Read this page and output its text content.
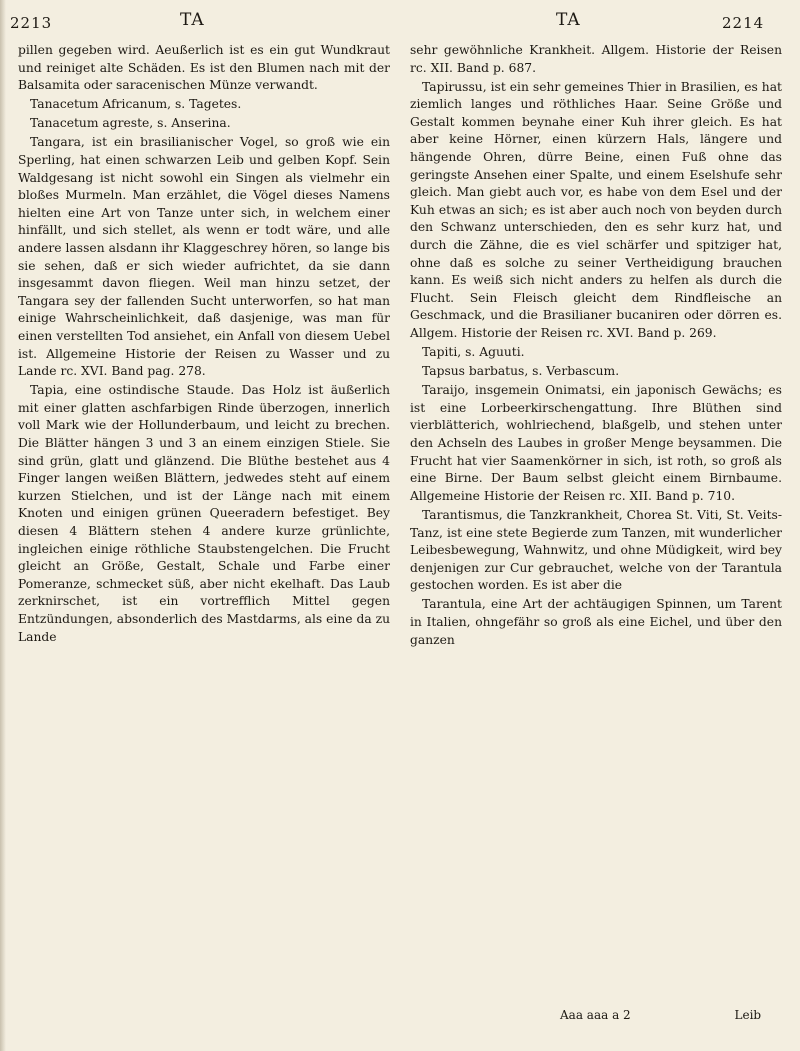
2213	TA	TA	2214

pillen gegeben wird. Aeußerlich ist es ein gut Wundkraut und reiniget alte Schäden. Es ist den Blumen nach mit der Balsamita oder saracenischen Münze verwandt.

Tanacetum Africanum, s. Tagetes.

Tanacetum agreste, s. Anserina.

Tangara, ist ein brasilianischer Vogel, so groß wie ein Sperling, hat einen schwarzen Leib und gelben Kopf. Sein Waldgesang ist nicht sowohl ein Singen als vielmehr ein bloßes Murmeln. Man erzählet, die Vögel dieses Namens hielten eine Art von Tanze unter sich, in welchem einer hinfällt, und sich stellet, als wenn er todt wäre, und alle andere lassen alsdann ihr Klaggeschrey hören, so lange bis sie sehen, daß er sich wieder aufrichtet, da sie dann insgesammt davon fliegen. Weil man hinzu setzet, der Tangara sey der fallenden Sucht unterworfen, so hat man einige Wahrscheinlichkeit, daß dasjenige, was man für einen verstellten Tod ansiehet, ein Anfall von diesem Uebel ist. Allgemeine Historie der Reisen zu Wasser und zu Lande rc. XVI. Band pag. 278.

Tapia, eine ostindische Staude. Das Holz ist äußerlich mit einer glatten aschfarbigen Rinde überzogen, innerlich voll Mark wie der Hollunderbaum, und leicht zu brechen. Die Blätter hängen 3 und 3 an einem einzigen Stiele. Sie sind grün, glatt und glänzend. Die Blüthe bestehet aus 4 Finger langen weißen Blättern, jedwedes steht auf einem kurzen Stielchen, und ist der Länge nach mit einem Knoten und einigen grünen Queeradern befestiget. Bey diesen 4 Blättern stehen 4 andere kurze grünlichte, ingleichen einige röthliche Staubstengelchen. Die Frucht gleicht an Größe, Gestalt, Schale und Farbe einer Pomeranze, schmecket süß, aber nicht ekelhaft. Das Laub zerknirschet, ist ein vortrefflich Mittel gegen Entzündungen, absonderlich des Mastdarms, als eine da zu Lande

sehr gewöhnliche Krankheit. Allgem. Historie der Reisen rc. XII. Band p. 687.

Tapirussu, ist ein sehr gemeines Thier in Brasilien, es hat ziemlich langes und röthliches Haar. Seine Größe und Gestalt kommen beynahe einer Kuh ihrer gleich. Es hat aber keine Hörner, einen kürzern Hals, längere und hängende Ohren, dürre Beine, einen Fuß ohne das geringste Ansehen einer Spalte, und einem Eselshufe sehr gleich. Man giebt auch vor, es habe von dem Esel und der Kuh etwas an sich; es ist aber auch noch von beyden durch den Schwanz unterschieden, den es sehr kurz hat, und durch die Zähne, die es viel schärfer und spitziger hat, ohne daß es solche zu seiner Vertheidigung brauchen kann. Es weiß sich nicht anders zu helfen als durch die Flucht. Sein Fleisch gleicht dem Rindfleische an Geschmack, und die Brasilianer bucaniren oder dörren es. Allgem. Historie der Reisen rc. XVI. Band p. 269.

Tapiti, s. Aguuti.

Tapsus barbatus, s. Verbascum.

Taraijo, insgemein Onimatsi, ein japonisch Gewächs; es ist eine Lorbeerkirschengattung. Ihre Blüthen sind vierblätterich, wohlriechend, blaßgelb, und stehen unter den Achseln des Laubes in großer Menge beysammen. Die Frucht hat vier Saamenkörner in sich, ist roth, so groß als eine Birne. Der Baum selbst gleicht einem Birnbaume. Allgemeine Historie der Reisen rc. XII. Band p. 710.

Tarantismus, die Tanzkrankheit, Chorea St. Viti, St. Veits-Tanz, ist eine stete Begierde zum Tanzen, mit wunderlicher Leibesbewegung, Wahnwitz, und ohne Müdigkeit, wird bey denjenigen zur Cur gebrauchet, welche von der Tarantula gestochen worden. Es ist aber die

Tarantula, eine Art der achtäugigen Spinnen, um Tarent in Italien, ohngefähr so groß als eine Eichel, und über den ganzen

Aaa aaa a 2	Leib
